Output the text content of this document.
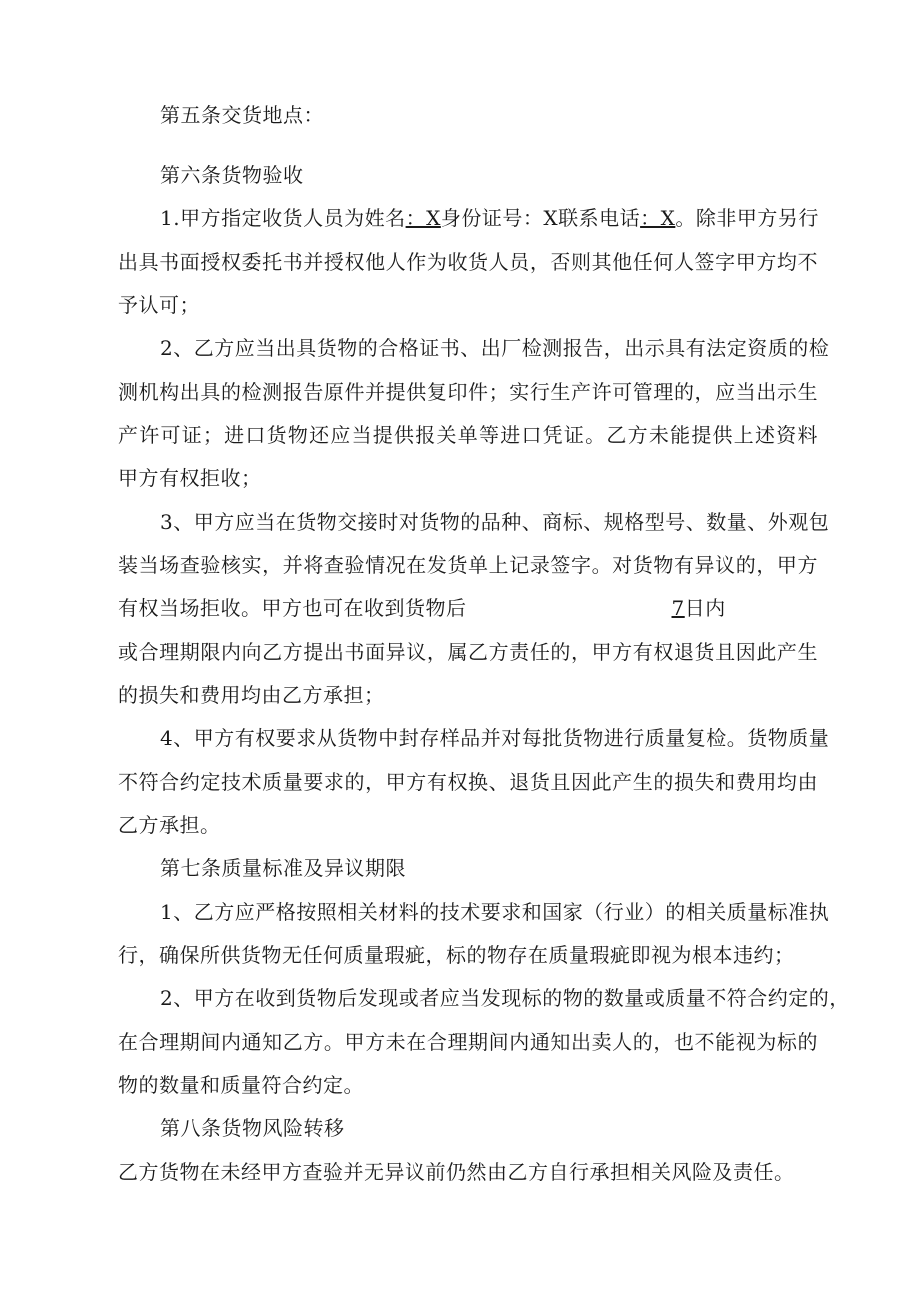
第五条交货地点：
第六条货物验收
1.甲方指定收货人员为姓名：X身份证号：X联系电话：X。除非甲方另行
出具书面授权委托书并授权他人作为收货人员，否则其他任何人签字甲方均不
予认可；
2、乙方应当出具货物的合格证书、出厂检测报告，出示具有法定资质的检
测机构出具的检测报告原件并提供复印件；实行生产许可管理的，应当出示生
产许可证；进口货物还应当提供报关单等进口凭证。乙方未能提供上述资料
甲方有权拒收；
3、甲方应当在货物交接时对货物的品种、商标、规格型号、数量、外观包
装当场查验核实，并将查验情况在发货单上记录签字。对货物有异议的，甲方
有权当场拒收。甲方也可在收到货物后	7日内
或合理期限内向乙方提出书面异议，属乙方责任的，甲方有权退货且因此产生
的损失和费用均由乙方承担；
4、甲方有权要求从货物中封存样品并对每批货物进行质量复检。货物质量
不符合约定技术质量要求的，甲方有权换、退货且因此产生的损失和费用均由
乙方承担。
第七条质量标准及异议期限
1、乙方应严格按照相关材料的技术要求和国家（行业）的相关质量标准执
行，确保所供货物无任何质量瑕疵，标的物存在质量瑕疵即视为根本违约；
2、甲方在收到货物后发现或者应当发现标的物的数量或质量不符合约定的，
在合理期间内通知乙方。甲方未在合理期间内通知出卖人的，也不能视为标的
物的数量和质量符合约定。
第八条货物风险转移
乙方货物在未经甲方查验并无异议前仍然由乙方自行承担相关风险及责任。
